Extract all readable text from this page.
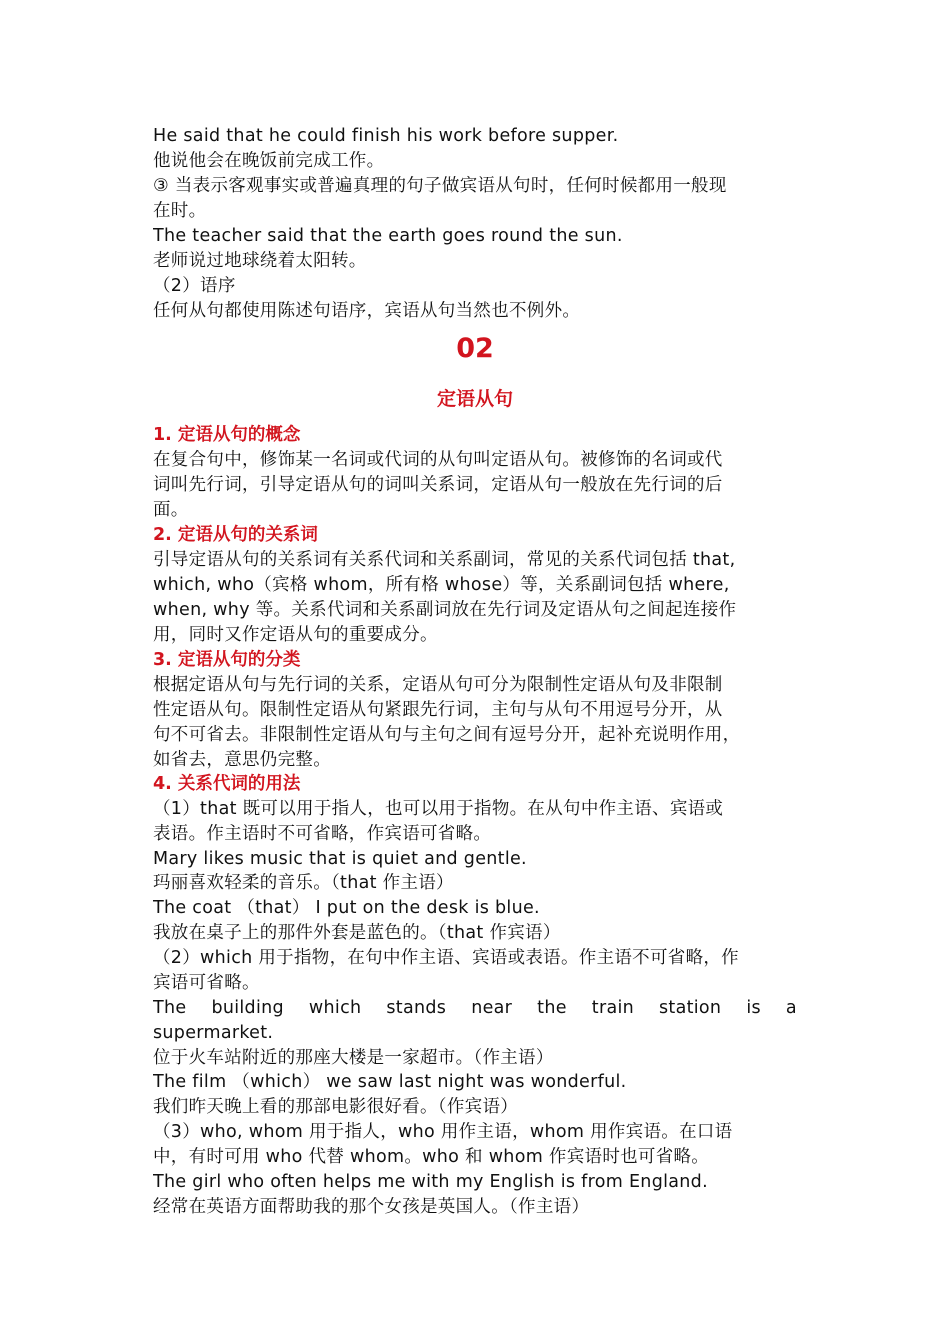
He said that he could finish his work before supper.
他说他会在晚饭前完成工作。
③ 当表示客观事实或普遍真理的句子做宾语从句时，任何时候都用一般现
在时。
The teacher said that the earth goes round the sun.
老师说过地球绕着太阳转。
（2）语序
任何从句都使用陈述句语序，宾语从句当然也不例外。
02
定语从句
1. 定语从句的概念
在复合句中，修饰某一名词或代词的从句叫定语从句。被修饰的名词或代
词叫先行词，引导定语从句的词叫关系词，定语从句一般放在先行词的后
面。
2. 定语从句的关系词
引导定语从句的关系词有关系代词和关系副词，常见的关系代词包括 that,
which, who（宾格 whom，所有格 whose）等，关系副词包括 where,
when, why 等。关系代词和关系副词放在先行词及定语从句之间起连接作
用，同时又作定语从句的重要成分。
3. 定语从句的分类
根据定语从句与先行词的关系，定语从句可分为限制性定语从句及非限制
性定语从句。限制性定语从句紧跟先行词，主句与从句不用逗号分开，从
句不可省去。非限制性定语从句与主句之间有逗号分开，起补充说明作用，
如省去，意思仍完整。
4. 关系代词的用法
（1）that 既可以用于指人，也可以用于指物。在从句中作主语、宾语或
表语。作主语时不可省略，作宾语可省略。
Mary likes music that is quiet and gentle.
玛丽喜欢轻柔的音乐。（that 作主语）
The coat （that） I put on the desk is blue.
我放在桌子上的那件外套是蓝色的。（that 作宾语）
（2）which 用于指物，在句中作主语、宾语或表语。作主语不可省略，作
宾语可省略。
The building which stands near the train station is a
supermarket.
位于火车站附近的那座大楼是一家超市。（作主语）
The film （which） we saw last night was wonderful.
我们昨天晚上看的那部电影很好看。（作宾语）
（3）who, whom 用于指人，who 用作主语，whom 用作宾语。在口语
中，有时可用 who 代替 whom。who 和 whom 作宾语时也可省略。
The girl who often helps me with my English is from England.
经常在英语方面帮助我的那个女孩是英国人。（作主语）
